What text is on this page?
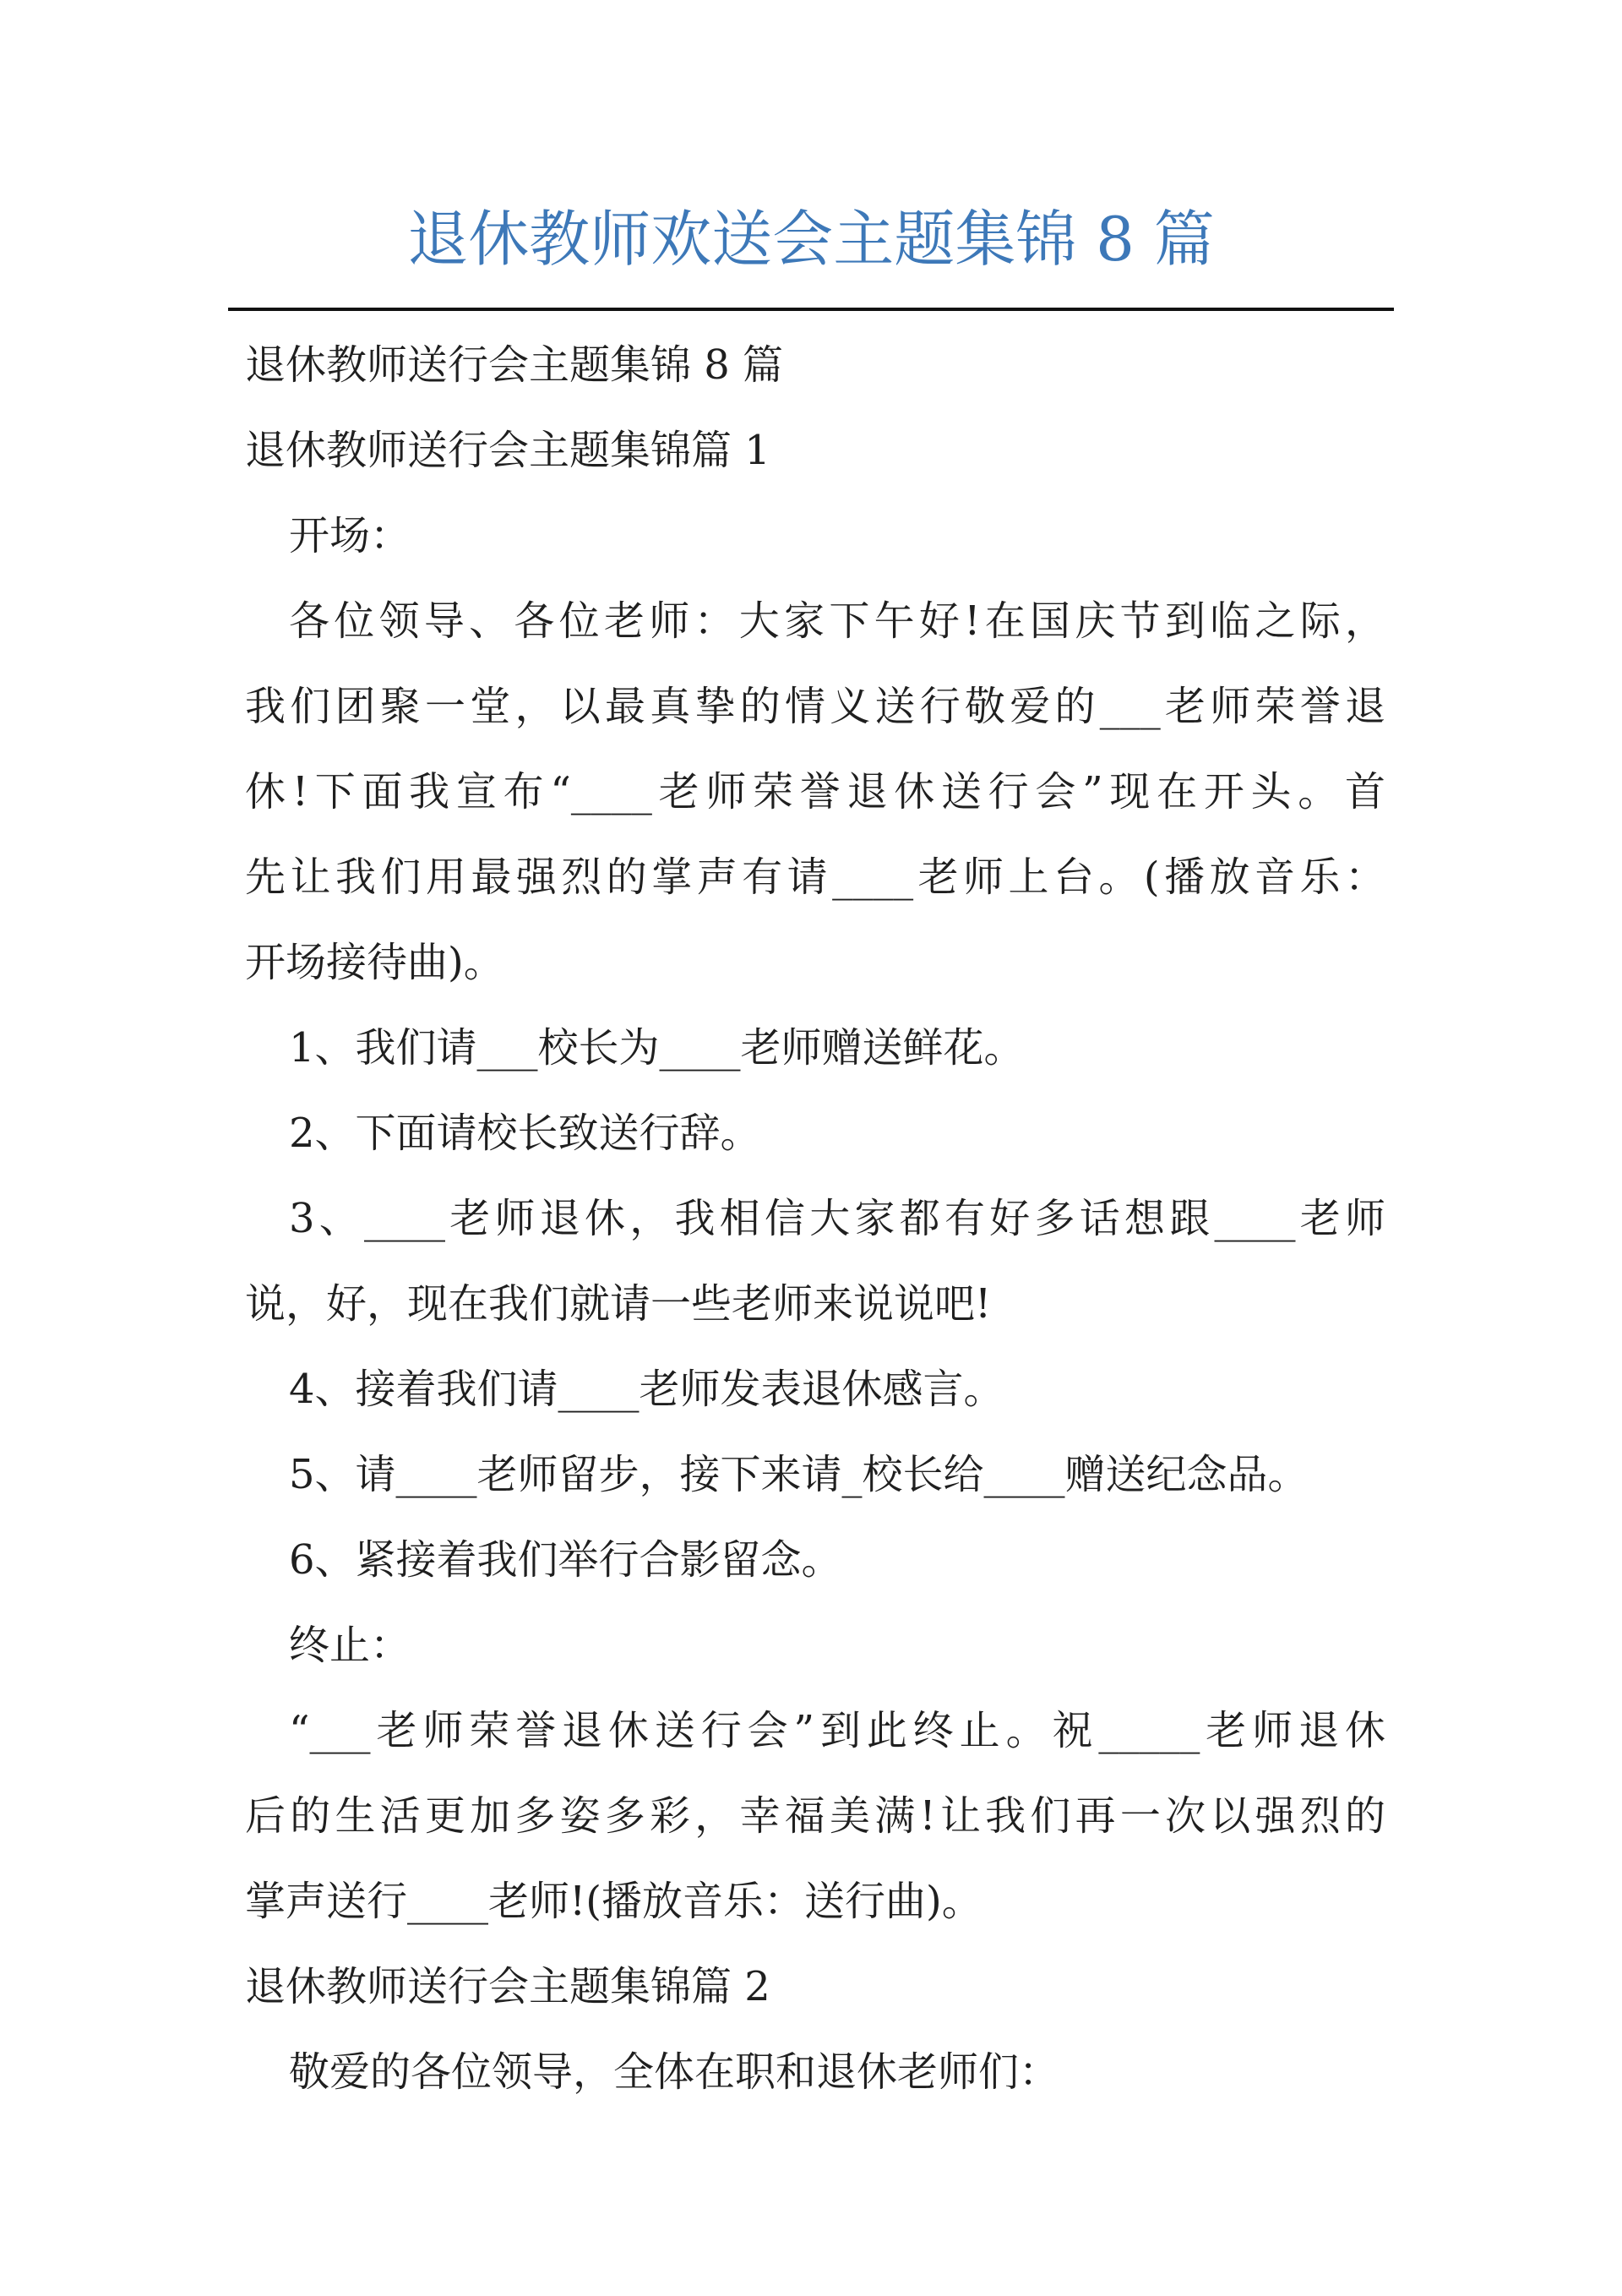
退休教师欢送会主题集锦 8 篇

退休教师送行会主题集锦 8 篇

退休教师送行会主题集锦篇 1

开场：

各位领导、各位老师：大家下午好!在国庆节到临之际，

我们团聚一堂，以最真挚的情义送行敬爱的___老师荣誉退

休!下面我宣布“____老师荣誉退休送行会”现在开头。首

先让我们用最强烈的掌声有请____老师上台。(播放音乐：

开场接待曲)。

1、我们请___校长为____老师赠送鲜花。

2、下面请校长致送行辞。

3、____老师退休，我相信大家都有好多话想跟____老师

说，好，现在我们就请一些老师来说说吧!

4、接着我们请____老师发表退休感言。

5、请____老师留步，接下来请_校长给____赠送纪念品。

6、紧接着我们举行合影留念。

终止：

“___老师荣誉退休送行会”到此终止。祝_____老师退休

后的生活更加多姿多彩，幸福美满!让我们再一次以强烈的

掌声送行____老师!(播放音乐：送行曲)。

退休教师送行会主题集锦篇 2

敬爱的各位领导，全体在职和退休老师们：
